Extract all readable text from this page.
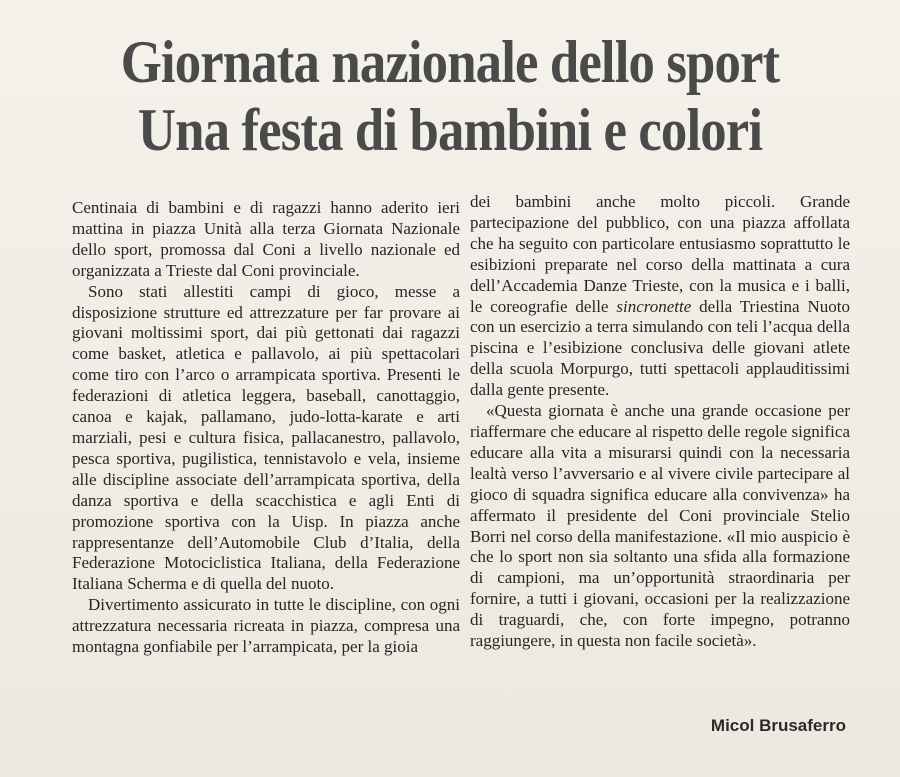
Giornata nazionale dello sport
Una festa di bambini e colori

Centinaia di bambini e di ragazzi hanno aderito ieri mattina in piazza Unità alla terza Giornata Nazionale dello sport, promossa dal Coni a livello nazionale ed organizzata a Trieste dal Coni provinciale.

Sono stati allestiti campi di gioco, messe a disposizione strutture ed attrezzature per far provare ai giovani moltissimi sport, dai più gettonati dai ragazzi come basket, atletica e pallavolo, ai più spettacolari come tiro con l’arco o arrampicata sportiva. Presenti le federazioni di atletica leggera, baseball, canottaggio, canoa e kajak, pallamano, judo-lotta-karate e arti marziali, pesi e cultura fisica, pallacanestro, pallavolo, pesca sportiva, pugilistica, tennistavolo e vela, insieme alle discipline associate dell’arrampicata sportiva, della danza sportiva e della scacchistica e agli Enti di promozione sportiva con la Uisp. In piazza anche rappresentanze dell’Automobile Club d’Italia, della Federazione Motociclistica Italiana, della Federazione Italiana Scherma e di quella del nuoto.

Divertimento assicurato in tutte le discipline, con ogni attrezzatura necessaria ricreata in piazza, compresa una montagna gonfiabile per l’arrampicata, per la gioia

dei bambini anche molto piccoli. Grande partecipazione del pubblico, con una piazza affollata che ha seguito con particolare entusiasmo soprattutto le esibizioni preparate nel corso della mattinata a cura dell’Accademia Danze Trieste, con la musica e i balli, le coreografie delle sincronette della Triestina Nuoto con un esercizio a terra simulando con teli l’acqua della piscina e l’esibizione conclusiva delle giovani atlete della scuola Morpurgo, tutti spettacoli applauditissimi dalla gente presente.

«Questa giornata è anche una grande occasione per riaffermare che educare al rispetto delle regole significa educare alla vita a misurarsi quindi con la necessaria lealtà verso l’avversario e al vivere civile partecipare al gioco di squadra significa educare alla convivenza» ha affermato il presidente del Coni provinciale Stelio Borri nel corso della manifestazione. «Il mio auspicio è che lo sport non sia soltanto una sfida alla formazione di campioni, ma un’opportunità straordinaria per fornire, a tutti i giovani, occasioni per la realizzazione di traguardi, che, con forte impegno, potranno raggiungere, in questa non facile società».

Micol Brusaferro
